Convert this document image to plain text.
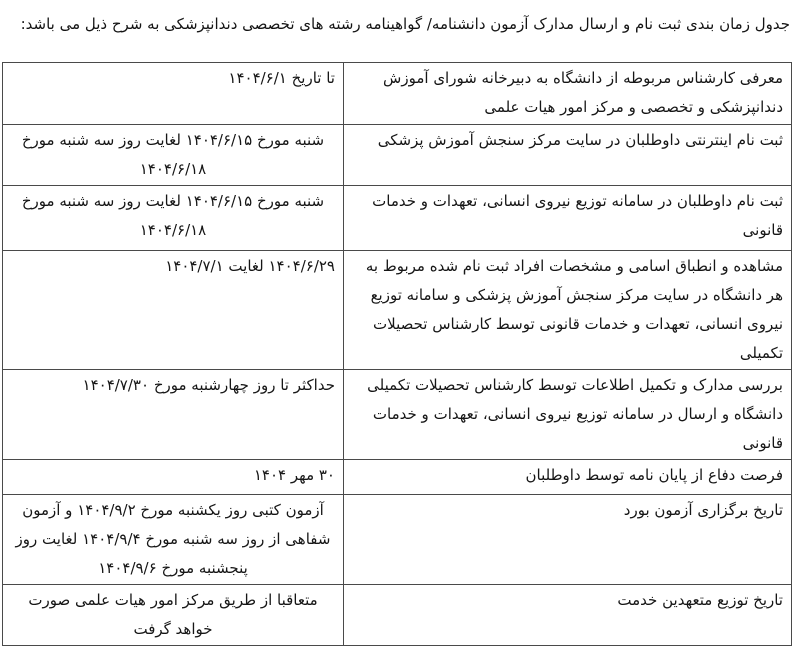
جدول زمان بندی ثبت نام و ارسال مدارک آزمون دانشنامه/ گواهینامه رشته های تخصصی دندانپزشکی به شرح ذیل می باشد:
معرفی کارشناس مربوطه از دانشگاه به دبیرخانه شورای آموزش دندانپزشکی و تخصصی و مرکز امور هیات علمی	تا تاریخ ۱۴۰۴/۶/۱
ثبت نام اینترنتی داوطلبان در سایت مرکز سنجش آموزش پزشکی	شنبه مورخ ۱۴۰۴/۶/۱۵ لغایت روز سه شنبه مورخ ۱۴۰۴/۶/۱۸
ثبت نام داوطلبان در سامانه توزیع نیروی انسانی، تعهدات و خدمات قانونی	شنبه مورخ ۱۴۰۴/۶/۱۵ لغایت روز سه شنبه مورخ ۱۴۰۴/۶/۱۸
مشاهده و انطباق اسامی و مشخصات افراد ثبت نام شده مربوط به هر دانشگاه در سایت مرکز سنجش آموزش پزشکی و سامانه توزیع نیروی انسانی، تعهدات و خدمات قانونی توسط کارشناس تحصیلات تکمیلی	۱۴۰۴/۶/۲۹ لغایت ۱۴۰۴/۷/۱
بررسی مدارک و تکمیل اطلاعات توسط کارشناس تحصیلات تکمیلی دانشگاه و ارسال در سامانه توزیع نیروی انسانی، تعهدات و خدمات قانونی	حداکثر تا روز چهارشنبه مورخ ۱۴۰۴/۷/۳۰
فرصت دفاع از پایان نامه توسط داوطلبان	۳۰ مهر ۱۴۰۴
تاریخ برگزاری آزمون بورد	آزمون کتبی روز یکشنبه مورخ ۱۴۰۴/۹/۲ و آزمون شفاهی از روز سه شنبه مورخ ۱۴۰۴/۹/۴ لغایت روز پنجشنبه مورخ ۱۴۰۴/۹/۶
تاریخ توزیع متعهدین خدمت	متعاقبا از طریق مرکز امور هیات علمی صورت خواهد گرفت
